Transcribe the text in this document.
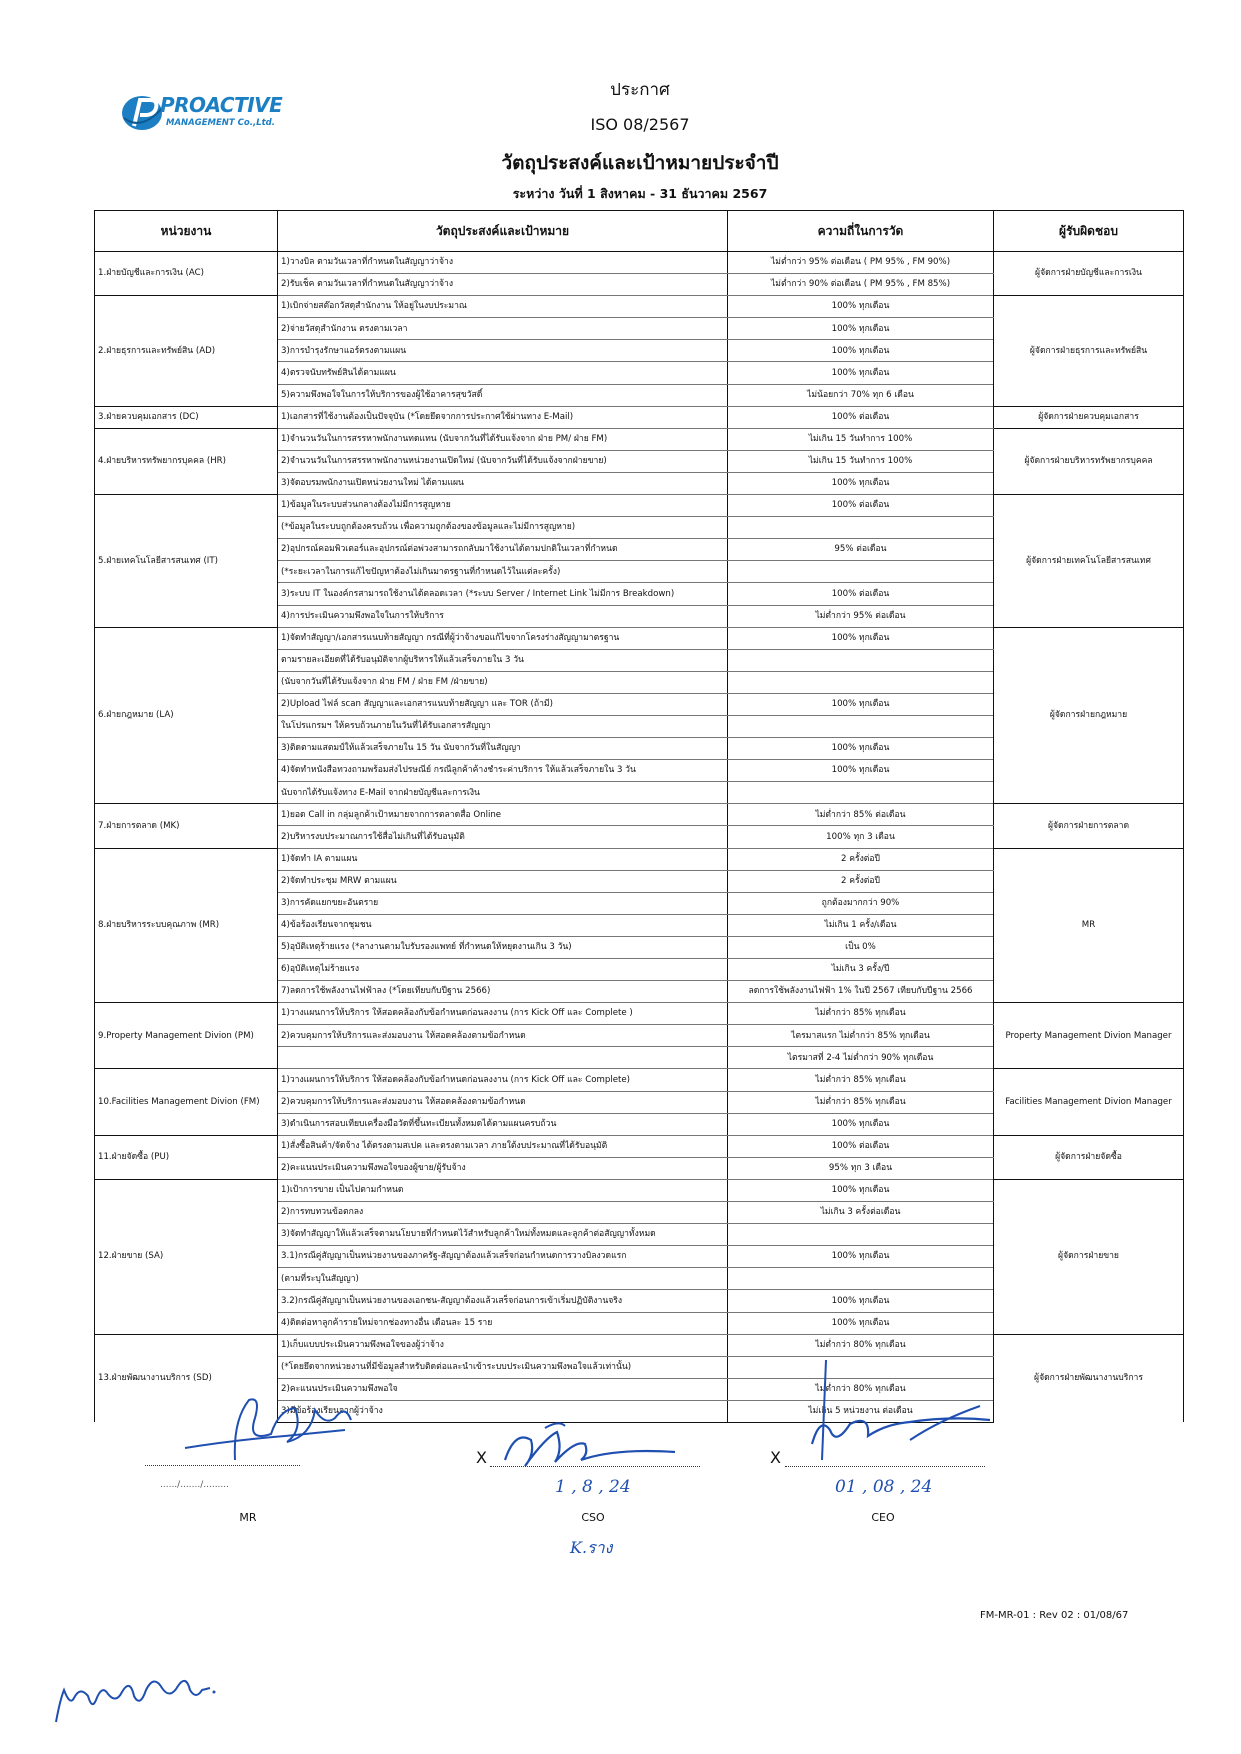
PROACTIVE
MANAGEMENT Co.,Ltd.
ประกาศ
ISO 08/2567
วัตถุประสงค์และเป้าหมายประจำปี
ระหว่าง วันที่ 1 สิงหาคม - 31 ธันวาคม 2567
หน่วยงาน	วัตถุประสงค์และเป้าหมาย	ความถี่ในการวัด	ผู้รับผิดชอบ
1.ฝ่ายบัญชีและการเงิน (AC)	1)วางบิล ตามวันเวลาที่กำหนดในสัญญาว่าจ้าง	ไม่ต่ำกว่า 95% ต่อเดือน ( PM 95% , FM 90%)	ผู้จัดการฝ่ายบัญชีและการเงิน
	2)รับเช็ค ตามวันเวลาที่กำหนดในสัญญาว่าจ้าง	ไม่ต่ำกว่า 90% ต่อเดือน ( PM 95% , FM 85%)	
2.ฝ่ายธุรการและทรัพย์สิน (AD)	1)เบิกจ่ายสต๊อกวัสดุสำนักงาน ให้อยู่ในงบประมาณ	100% ทุกเดือน	ผู้จัดการฝ่ายธุรการและทรัพย์สิน
	2)จ่ายวัสดุสำนักงาน ตรงตามเวลา	100% ทุกเดือน	
	3)การบำรุงรักษาแอร์ตรงตามแผน	100% ทุกเดือน	
	4)ตรวจนับทรัพย์สินได้ตามแผน	100% ทุกเดือน	
	5)ความพึงพอใจในการให้บริการของผู้ใช้อาคารสุขวัสดิ์	ไม่น้อยกว่า 70% ทุก 6 เดือน	
3.ฝ่ายควบคุมเอกสาร (DC)	1)เอกสารที่ใช้งานต้องเป็นปัจจุบัน (*โดยยึดจากการประกาศใช้ผ่านทาง E-Mail)	100% ต่อเดือน	ผู้จัดการฝ่ายควบคุมเอกสาร
4.ฝ่ายบริหารทรัพยากรบุคคล (HR)	1)จำนวนวันในการสรรหาพนักงานทดแทน (นับจากวันที่ได้รับแจ้งจาก ฝ่าย PM/ ฝ่าย FM)	ไม่เกิน 15 วันทำการ 100%	ผู้จัดการฝ่ายบริหารทรัพยากรบุคคล
	2)จำนวนวันในการสรรหาพนักงานหน่วยงานเปิดใหม่ (นับจากวันที่ได้รับแจ้งจากฝ่ายขาย)	ไม่เกิน 15 วันทำการ 100%	
	3)จัดอบรมพนักงานเปิดหน่วยงานใหม่ ได้ตามแผน	100% ทุกเดือน	
5.ฝ่ายเทคโนโลยีสารสนเทศ (IT)	1)ข้อมูลในระบบส่วนกลางต้องไม่มีการสูญหาย	100% ต่อเดือน	ผู้จัดการฝ่ายเทคโนโลยีสารสนเทศ
	(*ข้อมูลในระบบถูกต้องครบถ้วน เพื่อความถูกต้องของข้อมูลและไม่มีการสูญหาย)		
	2)อุปกรณ์คอมพิวเตอร์และอุปกรณ์ต่อพ่วงสามารถกลับมาใช้งานได้ตามปกติในเวลาที่กำหนด	95% ต่อเดือน	
	(*ระยะเวลาในการแก้ไขปัญหาต้องไม่เกินมาตรฐานที่กำหนดไว้ในแต่ละครั้ง)		
	3)ระบบ IT ในองค์กรสามารถใช้งานได้ตลอดเวลา (*ระบบ Server / Internet Link ไม่มีการ Breakdown)	100% ต่อเดือน	
	4)การประเมินความพึงพอใจในการให้บริการ	ไม่ต่ำกว่า 95% ต่อเดือน	
6.ฝ่ายกฎหมาย (LA)	1)จัดทำสัญญา/เอกสารแนบท้ายสัญญา กรณีที่ผู้ว่าจ้างขอแก้ไขจากโครงร่างสัญญามาตรฐาน	100% ทุกเดือน	ผู้จัดการฝ่ายกฎหมาย
	ตามรายละเอียดที่ได้รับอนุมัติจากผู้บริหารให้แล้วเสร็จภายใน 3 วัน		
	(นับจากวันที่ได้รับแจ้งจาก ฝ่าย FM / ฝ่าย FM /ฝ่ายขาย)		
	2)Upload ไฟล์ scan สัญญาและเอกสารแนบท้ายสัญญา และ TOR (ถ้ามี)	100% ทุกเดือน	
	ในโปรแกรมฯ ให้ครบถ้วนภายในวันที่ได้รับเอกสารสัญญา		
	3)ติดตามแสตมป์ให้แล้วเสร็จภายใน 15 วัน นับจากวันที่ในสัญญา	100% ทุกเดือน	
	4)จัดทำหนังสือทวงถามพร้อมส่งไปรษณีย์ กรณีลูกค้าค้างชำระค่าบริการ ให้แล้วเสร็จภายใน 3 วัน	100% ทุกเดือน	
	นับจากได้รับแจ้งทาง E-Mail จากฝ่ายบัญชีและการเงิน		
7.ฝ่ายการตลาด (MK)	1)ยอด Call in กลุ่มลูกค้าเป้าหมายจากการตลาดสื่อ Online	ไม่ต่ำกว่า 85% ต่อเดือน	ผู้จัดการฝ่ายการตลาด
	2)บริหารงบประมาณการใช้สื่อไม่เกินที่ได้รับอนุมัติ	100% ทุก 3 เดือน	
8.ฝ่ายบริหารระบบคุณภาพ (MR)	1)จัดทำ IA ตามแผน	2 ครั้งต่อปี	MR
	2)จัดทำประชุม MRW ตามแผน	2 ครั้งต่อปี	
	3)การคัดแยกขยะอันตราย	ถูกต้องมากกว่า 90%	
	4)ข้อร้องเรียนจากชุมชน	ไม่เกิน 1 ครั้ง/เดือน	
	5)อุบัติเหตุร้ายแรง (*ลางานตามใบรับรองแพทย์ ที่กำหนดให้หยุดงานเกิน 3 วัน)	เป็น 0%	
	6)อุบัติเหตุไม่ร้ายแรง	ไม่เกิน 3 ครั้ง/ปี	
	7)ลดการใช้พลังงานไฟฟ้าลง (*โดยเทียบกับปีฐาน 2566)	ลดการใช้พลังงานไฟฟ้า 1% ในปี 2567 เทียบกับปีฐาน 2566	
9.Property Management Divion (PM)	1)วางแผนการให้บริการ ให้สอดคล้องกับข้อกำหนดก่อนลงงาน (การ Kick Off และ Complete )	ไม่ต่ำกว่า 85% ทุกเดือน	Property Management Divion Manager
	2)ควบคุมการให้บริการและส่งมอบงาน ให้สอดคล้องตามข้อกำหนด	ไตรมาสแรก ไม่ต่ำกว่า 85% ทุกเดือน	
		ไตรมาสที่ 2-4 ไม่ต่ำกว่า 90% ทุกเดือน	
10.Facilities Management Divion (FM)	1)วางแผนการให้บริการ ให้สอดคล้องกับข้อกำหนดก่อนลงงาน (การ Kick Off และ Complete)	ไม่ต่ำกว่า 85% ทุกเดือน	Facilities Management Divion Manager
	2)ควบคุมการให้บริการและส่งมอบงาน ให้สอดคล้องตามข้อกำหนด	ไม่ต่ำกว่า 85% ทุกเดือน	
	3)ดำเนินการสอบเทียบเครื่องมือวัดที่ขึ้นทะเบียนทั้งหมดได้ตามแผนครบถ้วน	100% ทุกเดือน	
11.ฝ่ายจัดซื้อ (PU)	1)สั่งซื้อสินค้า/จัดจ้าง ได้ตรงตามสเปค และตรงตามเวลา ภายใต้งบประมาณที่ได้รับอนุมัติ	100% ต่อเดือน	ผู้จัดการฝ่ายจัดซื้อ
	2)คะแนนประเมินความพึงพอใจของผู้ขาย/ผู้รับจ้าง	95% ทุก 3 เดือน	
12.ฝ่ายขาย (SA)	1)เป้าการขาย เป็นไปตามกำหนด	100% ทุกเดือน	ผู้จัดการฝ่ายขาย
	2)การทบทวนข้อตกลง	ไม่เกิน 3 ครั้งต่อเดือน	
	3)จัดทำสัญญาให้แล้วเสร็จตามนโยบายที่กำหนดไว้สำหรับลูกค้าใหม่ทั้งหมดและลูกค้าต่อสัญญาทั้งหมด		
	3.1)กรณีคู่สัญญาเป็นหน่วยงานของภาครัฐ-สัญญาต้องแล้วเสร็จก่อนกำหนดการวางบิลงวดแรก	100% ทุกเดือน	
	(ตามที่ระบุในสัญญา)		
	3.2)กรณีคู่สัญญาเป็นหน่วยงานของเอกชน-สัญญาต้องแล้วเสร็จก่อนการเข้าเริ่มปฏิบัติงานจริง	100% ทุกเดือน	
	4)ติดต่อหาลูกค้ารายใหม่จากช่องทางอื่น เดือนละ 15 ราย	100% ทุกเดือน	
13.ฝ่ายพัฒนางานบริการ (SD)	1)เก็บแบบประเมินความพึงพอใจของผู้ว่าจ้าง	ไม่ต่ำกว่า 80% ทุกเดือน	ผู้จัดการฝ่ายพัฒนางานบริการ
	(*โดยยึดจากหน่วยงานที่มีข้อมูลสำหรับติดต่อและนำเข้าระบบประเมินความพึงพอใจแล้วเท่านั้น)		
	2)คะแนนประเมินความพึงพอใจ	ไม่ต่ำกว่า 80% ทุกเดือน	
	3)มีข้อร้องเรียนจากผู้ว่าจ้าง	ไม่เกิน 5 หน่วยงาน ต่อเดือน	
....../......./.........
MR
X
1 , 8 , 24
CSO
K.ราง
X
01 , 08 , 24
CEO
FM-MR-01 : Rev 02 : 01/08/67
